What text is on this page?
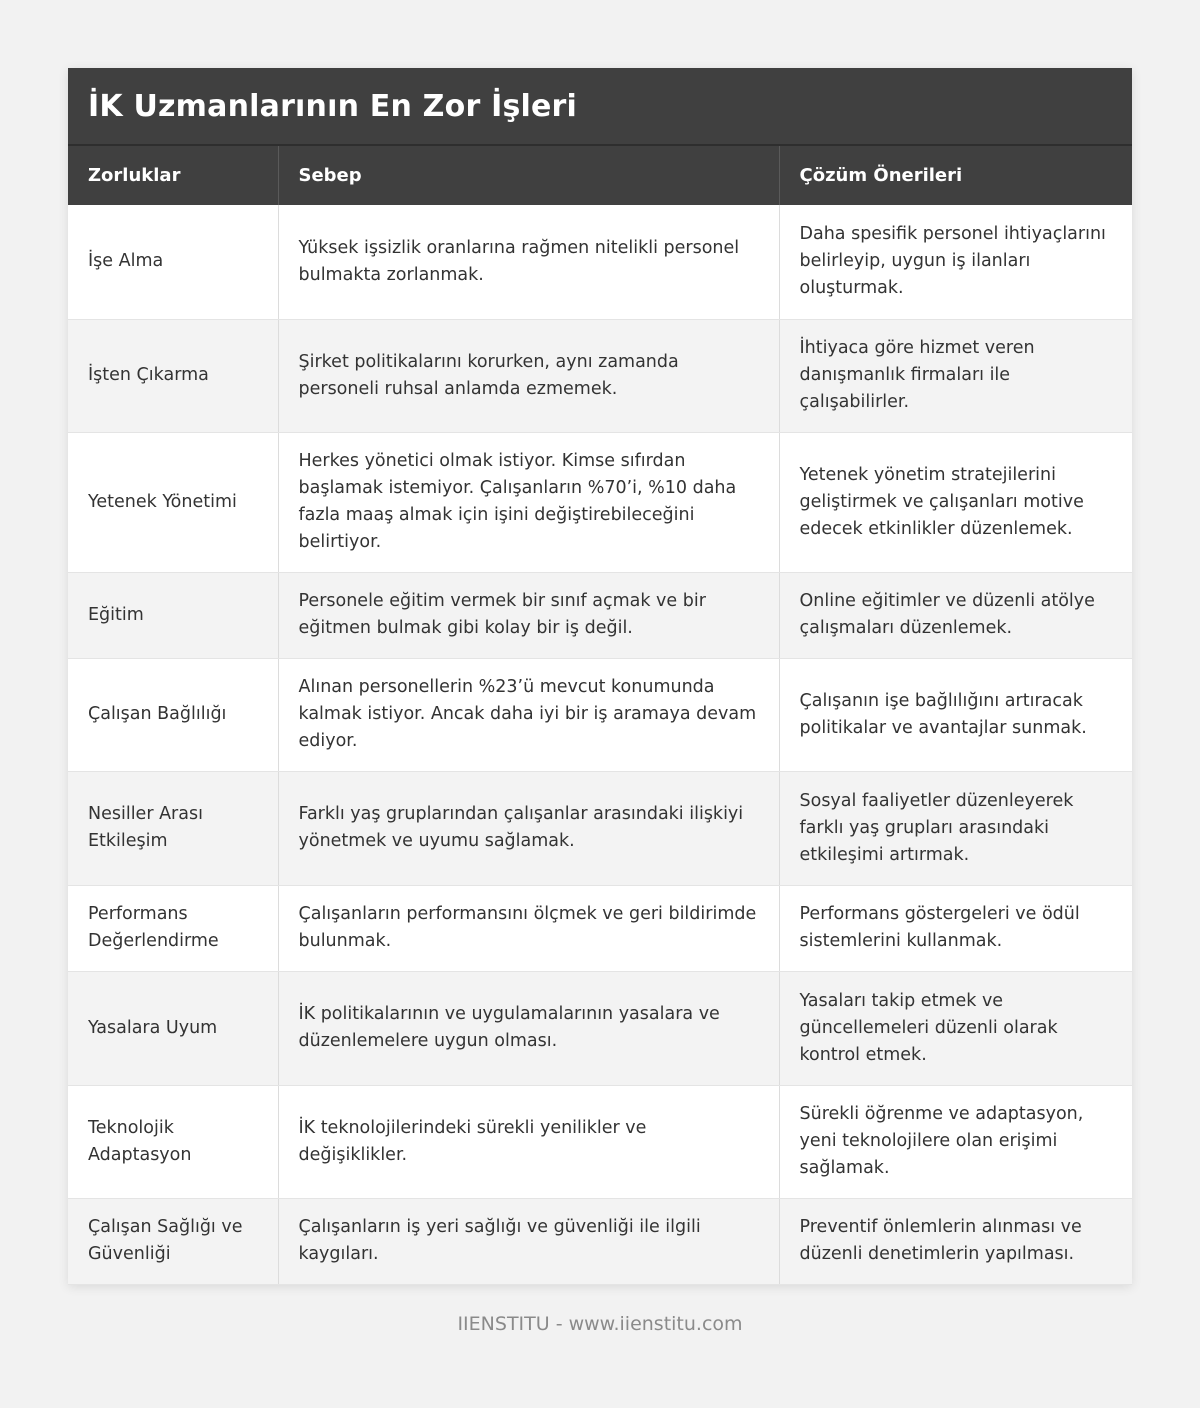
İK Uzmanlarının En Zor İşleri
Zorluklar	Sebep	Çözüm Önerileri
İşe Alma	Yüksek işsizlik oranlarına rağmen nitelikli personel bulmakta zorlanmak.	Daha spesifik personel ihtiyaçlarını belirleyip, uygun iş ilanları oluşturmak.
İşten Çıkarma	Şirket politikalarını korurken, aynı zamanda personeli ruhsal anlamda ezmemek.	İhtiyaca göre hizmet veren danışmanlık firmaları ile çalışabilirler.
Yetenek Yönetimi	Herkes yönetici olmak istiyor. Kimse sıfırdan başlamak istemiyor. Çalışanların %70’i, %10 daha fazla maaş almak için işini değiştirebileceğini belirtiyor.	Yetenek yönetim stratejilerini geliştirmek ve çalışanları motive edecek etkinlikler düzenlemek.
Eğitim	Personele eğitim vermek bir sınıf açmak ve bir eğitmen bulmak gibi kolay bir iş değil.	Online eğitimler ve düzenli atölye çalışmaları düzenlemek.
Çalışan Bağlılığı	Alınan personellerin %23’ü mevcut konumunda kalmak istiyor. Ancak daha iyi bir iş aramaya devam ediyor.	Çalışanın işe bağlılığını artıracak politikalar ve avantajlar sunmak.
Nesiller Arası Etkileşim	Farklı yaş gruplarından çalışanlar arasındaki ilişkiyi yönetmek ve uyumu sağlamak.	Sosyal faaliyetler düzenleyerek farklı yaş grupları arasındaki etkileşimi artırmak.
Performans Değerlendirme	Çalışanların performansını ölçmek ve geri bildirimde bulunmak.	Performans göstergeleri ve ödül sistemlerini kullanmak.
Yasalara Uyum	İK politikalarının ve uygulamalarının yasalara ve düzenlemelere uygun olması.	Yasaları takip etmek ve güncellemeleri düzenli olarak kontrol etmek.
Teknolojik Adaptasyon	İK teknolojilerindeki sürekli yenilikler ve değişiklikler.	Sürekli öğrenme ve adaptasyon, yeni teknolojilere olan erişimi sağlamak.
Çalışan Sağlığı ve Güvenliği	Çalışanların iş yeri sağlığı ve güvenliği ile ilgili kaygıları.	Preventif önlemlerin alınması ve düzenli denetimlerin yapılması.
IIENSTITU - www.iienstitu.com
